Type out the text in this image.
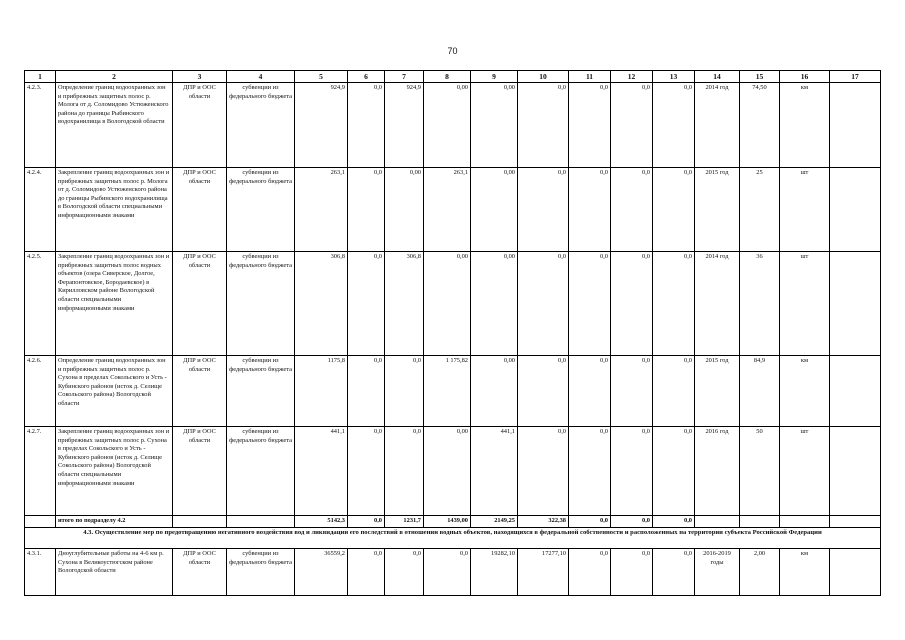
70
1	2	3	4	5	6	7	8	9	10	11	12	13	14	15	16	17
4.2.3.	Определение границ водоохранных зон и прибрежных защитных полос р. Молога от д. Соломидово Устюженского района до границы Рыбинского водохранилища в Вологодской области	ДПР и ООС области	субвенции из федерального бюджета	924,9	0,0	924,9	0,00	0,00	0,0	0,0	0,0	0,0	2014 год	74,50	км	
4.2.4.	Закрепление границ водоохранных зон и прибрежных защитных полос р. Молога от д. Соломидово Устюженского района до границы Рыбинского водохранилища в Вологодской области специальными информационными знаками	ДПР и ООС области	субвенции из федерального бюджета	263,1	0,0	0,00	263,1	0,00	0,0	0,0	0,0	0,0	2015 год	25	шт	
4.2.5.	Закрепление границ водоохранных зон и прибрежных защитных полос водных объектов (озера Сиверское, Долгое, Ферапонтовское, Бородаевское) в Кирилловском районе Вологодской области специальными информационными знаками	ДПР и ООС области	субвенции из федерального бюджета	306,8	0,0	306,8	0,00	0,00	0,0	0,0	0,0	0,0	2014 год	36	шт	
4.2.6.	Определение границ водоохранных зон и прибрежных защитных полос р. Сухона в пределах Сокольского и Усть - Кубинского районов (исток д. Селище Сокольского района) Вологодской области	ДПР и ООС области	субвенции из федерального бюджета	1175,8	0,0	0,0	1 175,82	0,00	0,0	0,0	0,0	0,0	2015 год	84,9	км	
4.2.7.	Закрепление границ водоохранных зон и прибрежных защитных полос р. Сухона в пределах Сокольского и Усть - Кубинского районов (исток д. Селище Сокольского района) Вологодской области специальными информационными знаками	ДПР и ООС области	субвенции из федерального бюджета	441,1	0,0	0,0	0,00	441,1	0,0	0,0	0,0	0,0	2016 год	50	шт	
	итого по подразделу 4.2			5142,3	0,0	1231,7	1439,00	2149,25	322,38	0,0	0,0	0,0				
4.3. Осуществление мер по предотвращению негативного воздействия вод и ликвидации его последствий в отношении водных объектов, находящихся в федеральной собственности и расположенных на территории субъекта Российской Федерации																
4.3.1.	Дноуглубительные работы на 4-6 км р. Сухона в Великоустюгском районе Вологодской области	ДПР и ООС области	субвенции из федерального бюджета	36559,2	0,0	0,0	0,0	19282,10	17277,10	0,0	0,0	0,0	2016-2019 годы	2,00	км	
